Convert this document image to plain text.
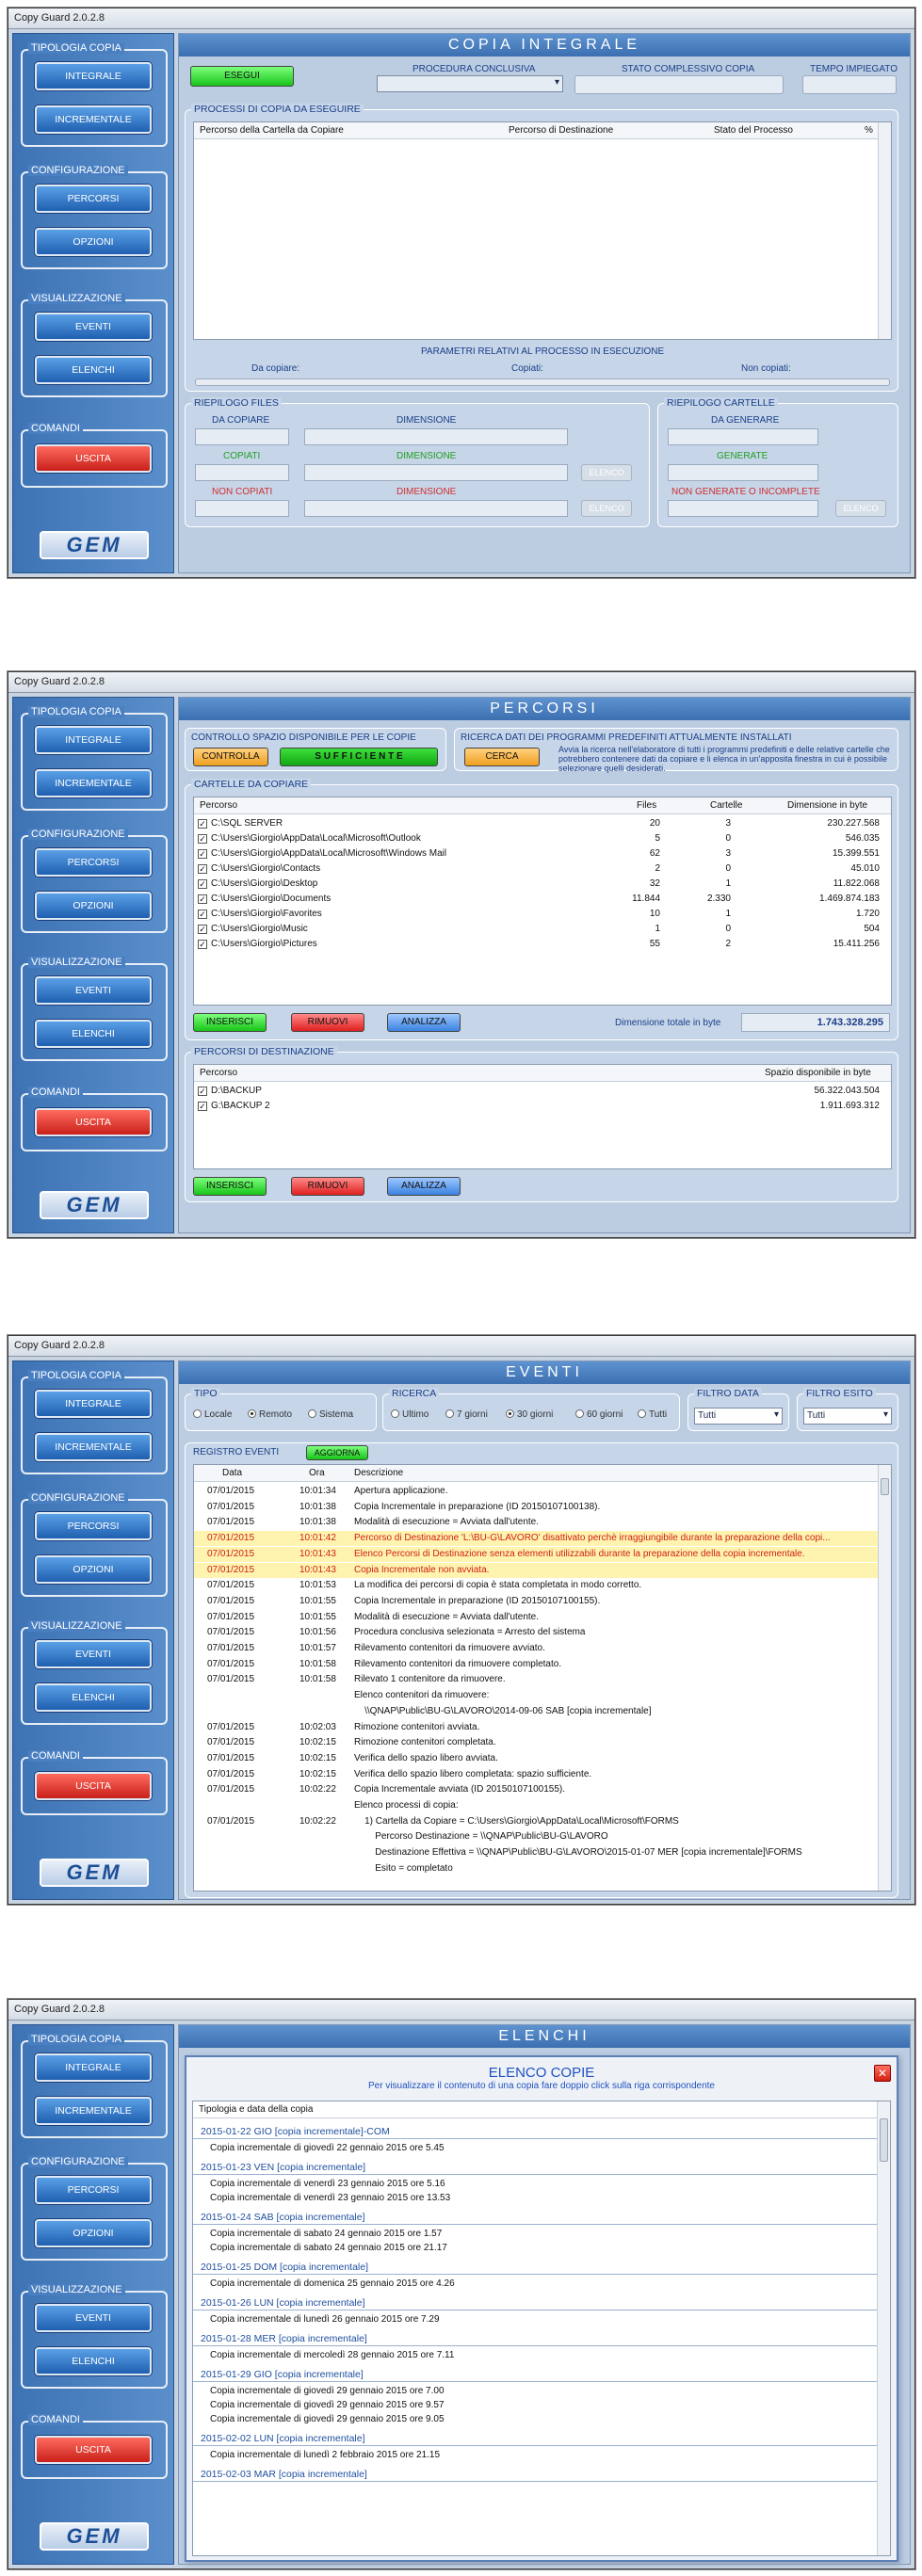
Copy Guard 2.0.2.8
TIPOLOGIA COPIA
INTEGRALE
INCREMENTALE
CONFIGURAZIONE
PERCORSI
OPZIONI
VISUALIZZAZIONE
EVENTI
ELENCHI
COMANDI
USCITA
GEM
COPIA INTEGRALE
ESEGUI
PROCEDURA CONCLUSIVA
▾	STATO COMPLESSIVO COPIA	TEMPO IMPIEGATO
PROCESSI DI COPIA DA ESEGUIRE
Percorso della Cartella da Copiare	Percorso di Destinazione	Stato del Processo	%
PARAMETRI RELATIVI AL PROCESSO IN ESECUZIONE
Da copiare:	Copiati:	Non copiati:
RIEPILOGO FILES
DA COPIARE	DIMENSIONE
COPIATI	DIMENSIONE
ELENCO
NON COPIATI	DIMENSIONE
ELENCO
RIEPILOGO CARTELLE
DA GENERARE
GENERATE
NON GENERATE O INCOMPLETE
ELENCO
Copy Guard 2.0.2.8
TIPOLOGIA COPIA
INTEGRALE
INCREMENTALE
CONFIGURAZIONE
PERCORSI
OPZIONI
VISUALIZZAZIONE
EVENTI
ELENCHI
COMANDI
USCITA
GEM
PERCORSI
CONTROLLO SPAZIO DISPONIBILE PER LE COPIE
CONTROLLA	S U F F I C I E N T E
RICERCA DATI DEI PROGRAMMI PREDEFINITI ATTUALMENTE INSTALLATI
CERCA
Avvia la ricerca nell'elaboratore di tutti i programmi predefiniti e delle relative cartelle che potrebbero contenere dati da copiare e li elenca in un'apposita finestra in cui è possibile selezionare quelli desiderati.
CARTELLE DA COPIARE
Percorso	Files	Cartelle	Dimensione in byte
✓ C:\SQL SERVER	20	3	230.227.568
✓ C:\Users\Giorgio\AppData\Local\Microsoft\Outlook	5	0	546.035
✓ C:\Users\Giorgio\AppData\Local\Microsoft\Windows Mail	62	3	15.399.551
✓ C:\Users\Giorgio\Contacts	2	0	45.010
✓ C:\Users\Giorgio\Desktop	32	1	11.822.068
✓ C:\Users\Giorgio\Documents	11.844	2.330	1.469.874.183
✓ C:\Users\Giorgio\Favorites	10	1	1.720
✓ C:\Users\Giorgio\Music	1	0	504
✓ C:\Users\Giorgio\Pictures	55	2	15.411.256
INSERISCI	RIMUOVI	ANALIZZA	Dimensione totale in byte	1.743.328.295
PERCORSI DI DESTINAZIONE
Percorso	Spazio disponibile in byte
✓ D:\BACKUP	56.322.043.504
✓ G:\BACKUP 2	1.911.693.312
INSERISCI	RIMUOVI	ANALIZZA
Copy Guard 2.0.2.8
TIPOLOGIA COPIA
INTEGRALE
INCREMENTALE
CONFIGURAZIONE
PERCORSI
OPZIONI
VISUALIZZAZIONE
EVENTI
ELENCHI
COMANDI
USCITA
GEM
EVENTI
TIPO
Locale	Remoto	Sistema
RICERCA
Ultimo	7 giorni	30 giorni	60 giorni	Tutti
FILTRO DATA
Tutti ▾
FILTRO ESITO
Tutti ▾
REGISTRO EVENTI	AGGIORNA
Data	Ora	Descrizione
07/01/2015	10:01:34 Apertura applicazione.
07/01/2015	10:01:38 Copia Incrementale in preparazione (ID 20150107100138).
07/01/2015	10:01:38 Modalità di esecuzione = Avviata dall'utente.
07/01/2015	10:01:42 Percorso di Destinazione 'L:\BU-G\LAVORO' disattivato perchè irraggiungibile durante la preparazione della copi...
07/01/2015	10:01:43 Elenco Percorsi di Destinazione senza elementi utilizzabili durante la preparazione della copia incrementale.
07/01/2015	10:01:43 Copia Incrementale non avviata.
07/01/2015	10:01:53 La modifica dei percorsi di copia è stata completata in modo corretto.
07/01/2015	10:01:55 Copia Incrementale in preparazione (ID 20150107100155).
07/01/2015	10:01:55 Modalità di esecuzione = Avviata dall'utente.
07/01/2015	10:01:56 Procedura conclusiva selezionata = Arresto del sistema
07/01/2015	10:01:57 Rilevamento contenitori da rimuovere avviato.
07/01/2015	10:01:58 Rilevamento contenitori da rimuovere completato.
07/01/2015	10:01:58 Rilevato 1 contenitore da rimuovere.
Elenco contenitori da rimuovere:
\\QNAP\Public\BU-G\LAVORO\2014-09-06 SAB [copia incrementale]
07/01/2015	10:02:03 Rimozione contenitori avviata.
07/01/2015	10:02:15 Rimozione contenitori completata.
07/01/2015	10:02:15 Verifica dello spazio libero avviata.
07/01/2015	10:02:15 Verifica dello spazio libero completata: spazio sufficiente.
07/01/2015	10:02:22 Copia Incrementale avviata (ID 20150107100155).
Elenco processi di copia:
07/01/2015	10:02:22 1) Cartella da Copiare = C:\Users\Giorgio\AppData\Local\Microsoft\FORMS
Percorso Destinazione = \\QNAP\Public\BU-G\LAVORO
Destinazione Effettiva = \\QNAP\Public\BU-G\LAVORO\2015-01-07 MER [copia incrementale]\FORMS
Esito = completato
Copy Guard 2.0.2.8
TIPOLOGIA COPIA
INTEGRALE
INCREMENTALE
CONFIGURAZIONE
PERCORSI
OPZIONI
VISUALIZZAZIONE
EVENTI
ELENCHI
COMANDI
USCITA
GEM
ELENCHI
ELENCO COPIE
Per visualizzare il contenuto di una copia fare doppio click sulla riga corrispondente
✕
Tipologia e data della copia
2015-01-22 GIO [copia incrementale]-COM
Copia incrementale di giovedì 22 gennaio 2015 ore 5.45
2015-01-23 VEN [copia incrementale]
Copia incrementale di venerdì 23 gennaio 2015 ore 5.16
Copia incrementale di venerdì 23 gennaio 2015 ore 13.53
2015-01-24 SAB [copia incrementale]
Copia incrementale di sabato 24 gennaio 2015 ore 1.57
Copia incrementale di sabato 24 gennaio 2015 ore 21.17
2015-01-25 DOM [copia incrementale]
Copia incrementale di domenica 25 gennaio 2015 ore 4.26
2015-01-26 LUN [copia incrementale]
Copia incrementale di lunedì 26 gennaio 2015 ore 7.29
2015-01-28 MER [copia incrementale]
Copia incrementale di mercoledì 28 gennaio 2015 ore 7.11
2015-01-29 GIO [copia incrementale]
Copia incrementale di giovedì 29 gennaio 2015 ore 7.00
Copia incrementale di giovedì 29 gennaio 2015 ore 9.57
Copia incrementale di giovedì 29 gennaio 2015 ore 9.05
2015-02-02 LUN [copia incrementale]
Copia incrementale di lunedì 2 febbraio 2015 ore 21.15
2015-02-03 MAR [copia incrementale]
